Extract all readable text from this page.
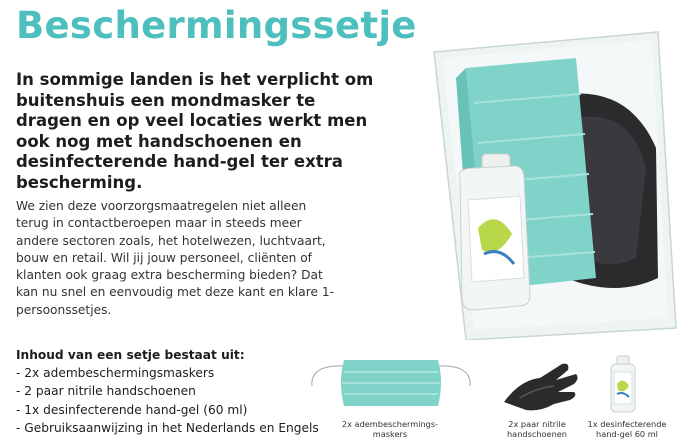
Beschermingssetje

In sommige landen is het verplicht om buitenshuis een mondmasker te dragen en op veel locaties werkt men ook nog met handschoenen en desinfecterende hand-gel ter extra bescherming.

We zien deze voorzorgsmaatregelen niet alleen terug in contactberoepen maar in steeds meer andere sectoren zoals, het hotelwezen, luchtvaart, bouw en retail. Wil jij jouw personeel, cliënten of klanten ook graag extra bescherming bieden? Dat kan nu snel en eenvoudig met deze kant en klare 1-persoonssetjes.

Inhoud van een setje bestaat uit:

- 2x adembeschermingsmaskers
- 2 paar nitrile handschoenen
- 1x desinfecterende hand-gel (60 ml)
- Gebruiksaanwijzing in het Nederlands en Engels	2x adembeschermings-
maskers
2x paar nitrile
handschoenen
1x desinfecterende
hand-gel 60 ml
